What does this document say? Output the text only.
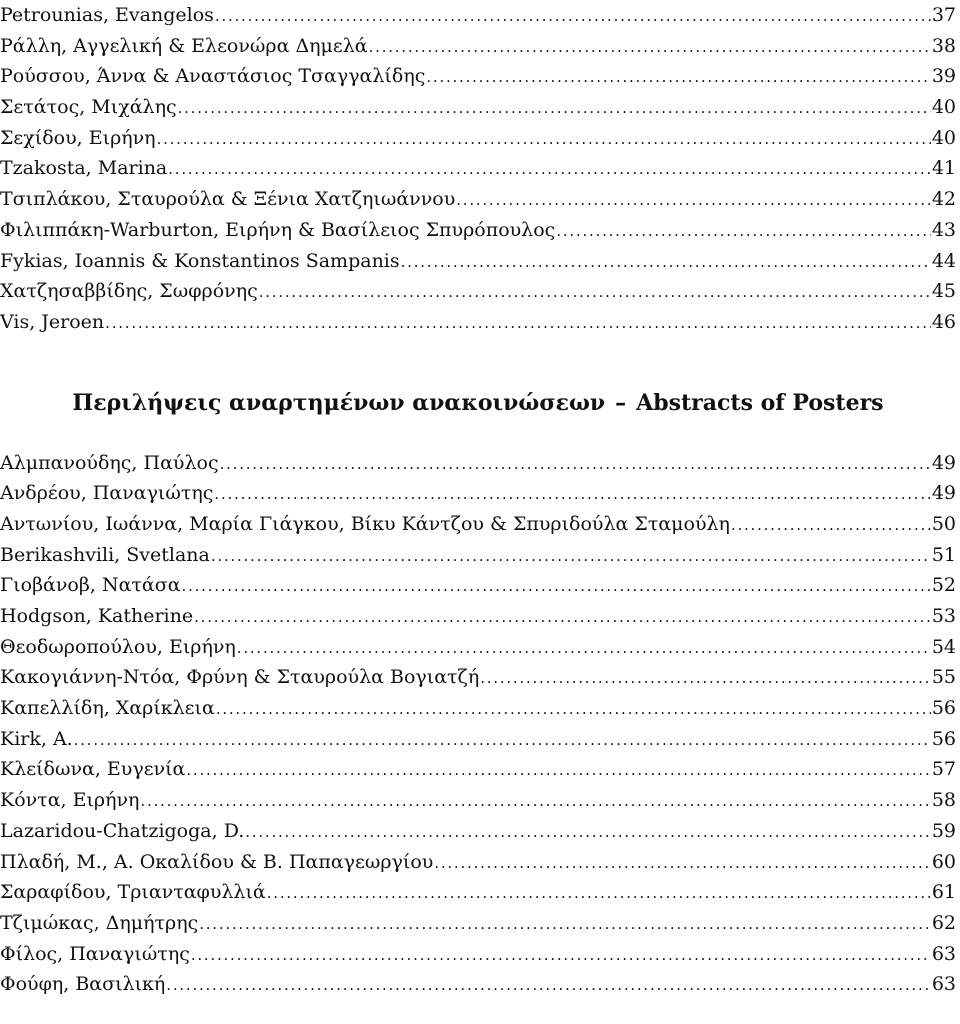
Petrounias, Evangelos . . .	37
Ράλλη, Αγγελική & Ελεονώρα Δημελά . . .	38
Ρούσσου, Άννα & Αναστάσιος Τσαγγαλίδης . . .	39
Σετάτος, Μιχάλης . . .	40
Σεχίδου, Ειρήνη . . .	40
Tzakosta, Marina . . .	41
Τσιπλάκου, Σταυρούλα & Ξένια Χατζηιωάννου . . .	42
Φιλιππάκη-Warburton, Ειρήνη & Βασίλειος Σπυρόπουλος . . .	43
Fykias, Ioannis & Konstantinos Sampanis . . .	44
Χατζησαββίδης, Σωφρόνης . . .	45
Vis, Jeroen . . .	46
Περιλήψεις αναρτημένων ανακοινώσεων – Abstracts of Posters
Αλμπανούδης, Παύλος . . .	49
Ανδρέου, Παναγιώτης . . .	49
Αντωνίου, Ιωάννα, Μαρία Γιάγκου, Βίκυ Κάντζου & Σπυριδούλα Σταμούλη . . .	50
Berikashvili, Svetlana . . .	51
Γιοβάνοβ, Νατάσα . . .	52
Hodgson, Katherine . . .	53
Θεοδωροπούλου, Ειρήνη . . .	54
Κακογιάννη-Ντόα, Φρύνη & Σταυρούλα Βογιατζή . . .	55
Καπελλίδη, Χαρίκλεια . . .	56
Kirk, A. . . .	56
Κλείδωνα, Ευγενία . . .	57
Κόντα, Ειρήνη . . .	58
Lazaridou-Chatzigoga, D. . . .	59
Πλαδή, Μ., Α. Οκαλίδου & Β. Παπαγεωργίου . . .	60
Σαραφίδου, Τριανταφυλλιά . . .	61
Τζιμώκας, Δημήτρης . . .	62
Φίλος, Παναγιώτης . . .	63
Φούφη, Βασιλική . . .	63
